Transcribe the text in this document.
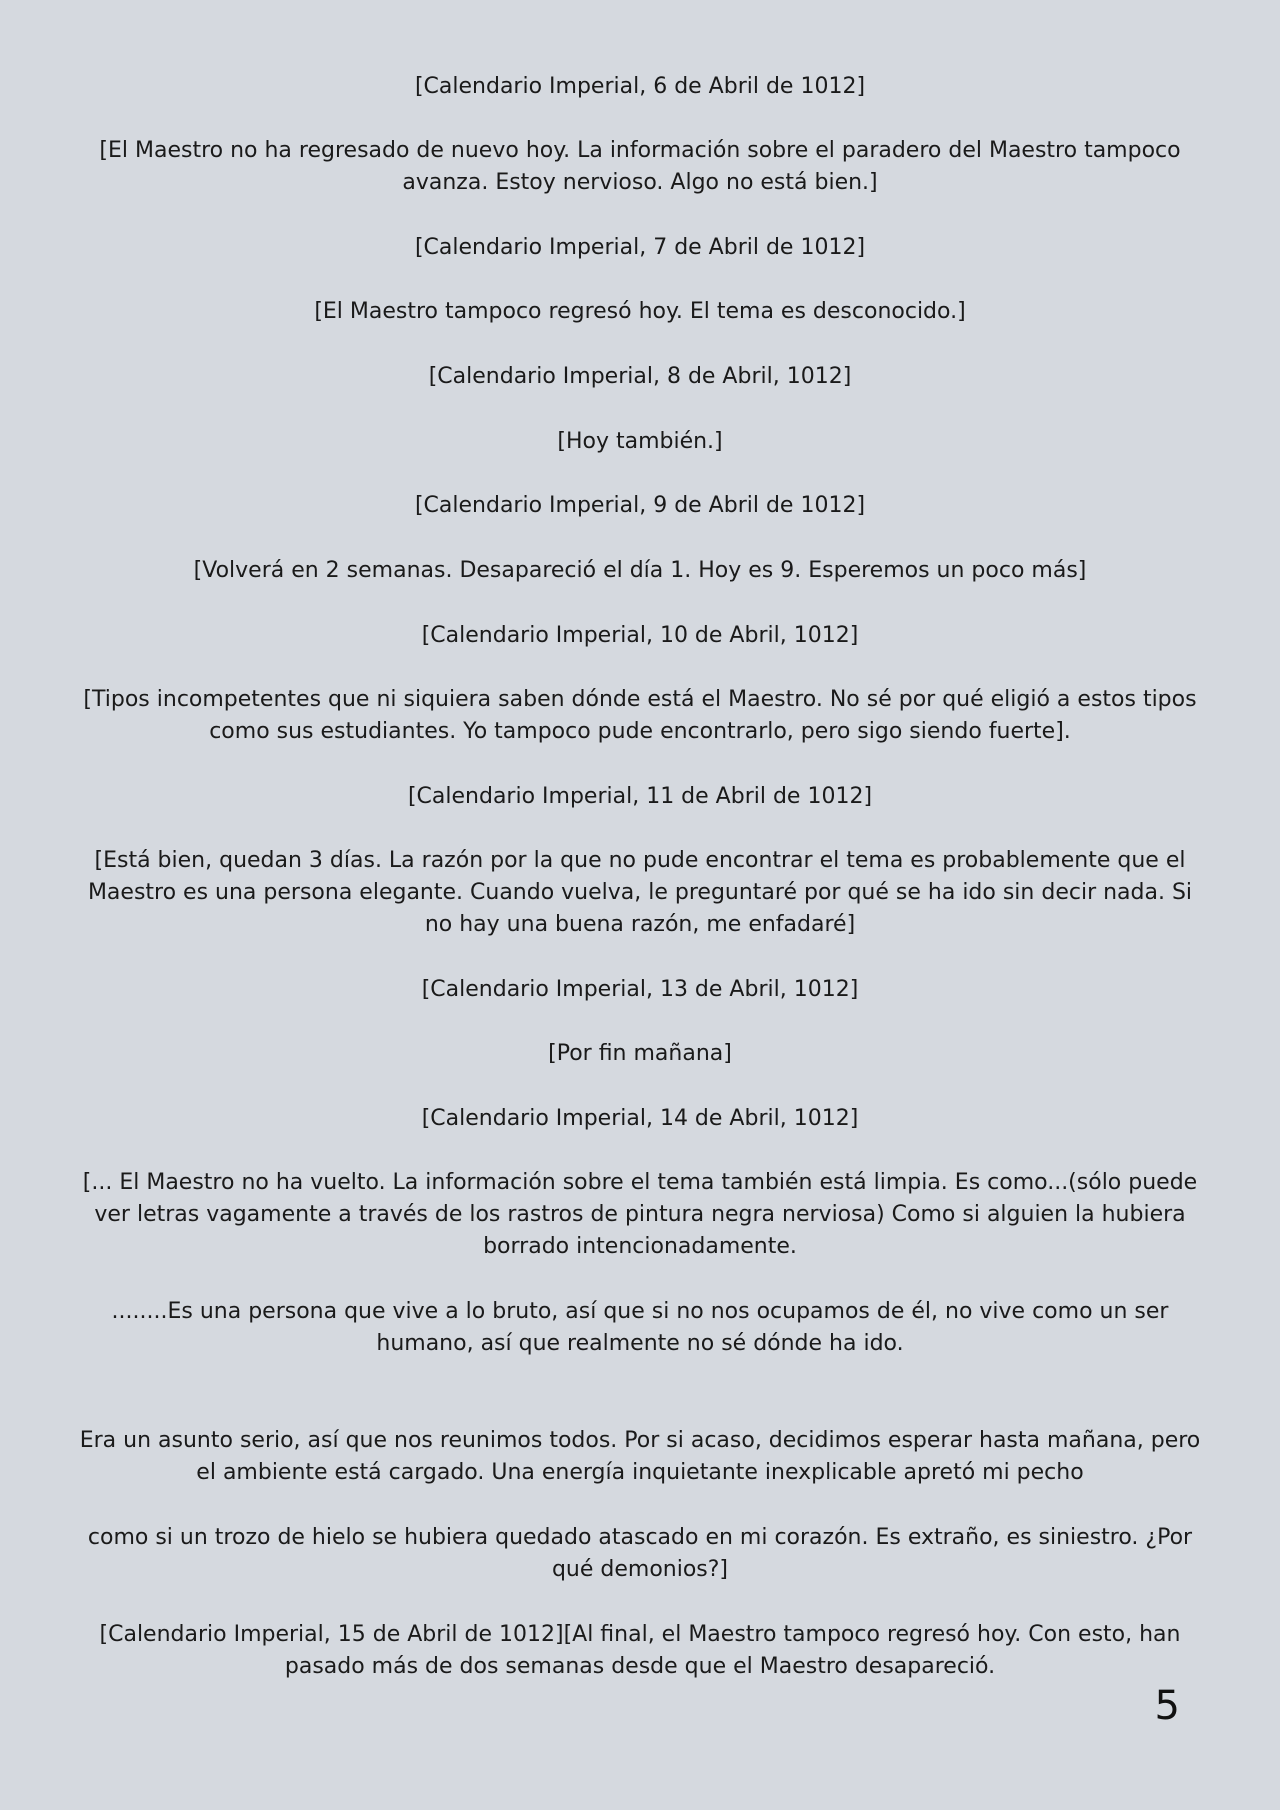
[Calendario Imperial, 6 de Abril de 1012]

[El Maestro no ha regresado de nuevo hoy. La información sobre el paradero del Maestro tampoco avanza. Estoy nervioso. Algo no está bien.]

[Calendario Imperial, 7 de Abril de 1012]

[El Maestro tampoco regresó hoy. El tema es desconocido.]

[Calendario Imperial, 8 de Abril, 1012]

[Hoy también.]

[Calendario Imperial, 9 de Abril de 1012]

[Volverá en 2 semanas. Desapareció el día 1. Hoy es 9. Esperemos un poco más]

[Calendario Imperial, 10 de Abril, 1012]

[Tipos incompetentes que ni siquiera saben dónde está el Maestro. No sé por qué eligió a estos tipos como sus estudiantes. Yo tampoco pude encontrarlo, pero sigo siendo fuerte].

[Calendario Imperial, 11 de Abril de 1012]

[Está bien, quedan 3 días. La razón por la que no pude encontrar el tema es probablemente que el Maestro es una persona elegante. Cuando vuelva, le preguntaré por qué se ha ido sin decir nada. Si no hay una buena razón, me enfadaré]

[Calendario Imperial, 13 de Abril, 1012]

[Por fin mañana]

[Calendario Imperial, 14 de Abril, 1012]

[... El Maestro no ha vuelto. La información sobre el tema también está limpia. Es como...(sólo puede ver letras vagamente a través de los rastros de pintura negra nerviosa) Como si alguien la hubiera borrado intencionadamente.

........Es una persona que vive a lo bruto, así que si no nos ocupamos de él, no vive como un ser humano, así que realmente no sé dónde ha ido.

Era un asunto serio, así que nos reunimos todos. Por si acaso, decidimos esperar hasta mañana, pero el ambiente está cargado. Una energía inquietante inexplicable apretó mi pecho

como si un trozo de hielo se hubiera quedado atascado en mi corazón. Es extraño, es siniestro. ¿Por qué demonios?]

[Calendario Imperial, 15 de Abril de 1012][Al final, el Maestro tampoco regresó hoy. Con esto, han pasado más de dos semanas desde que el Maestro desapareció.

5
